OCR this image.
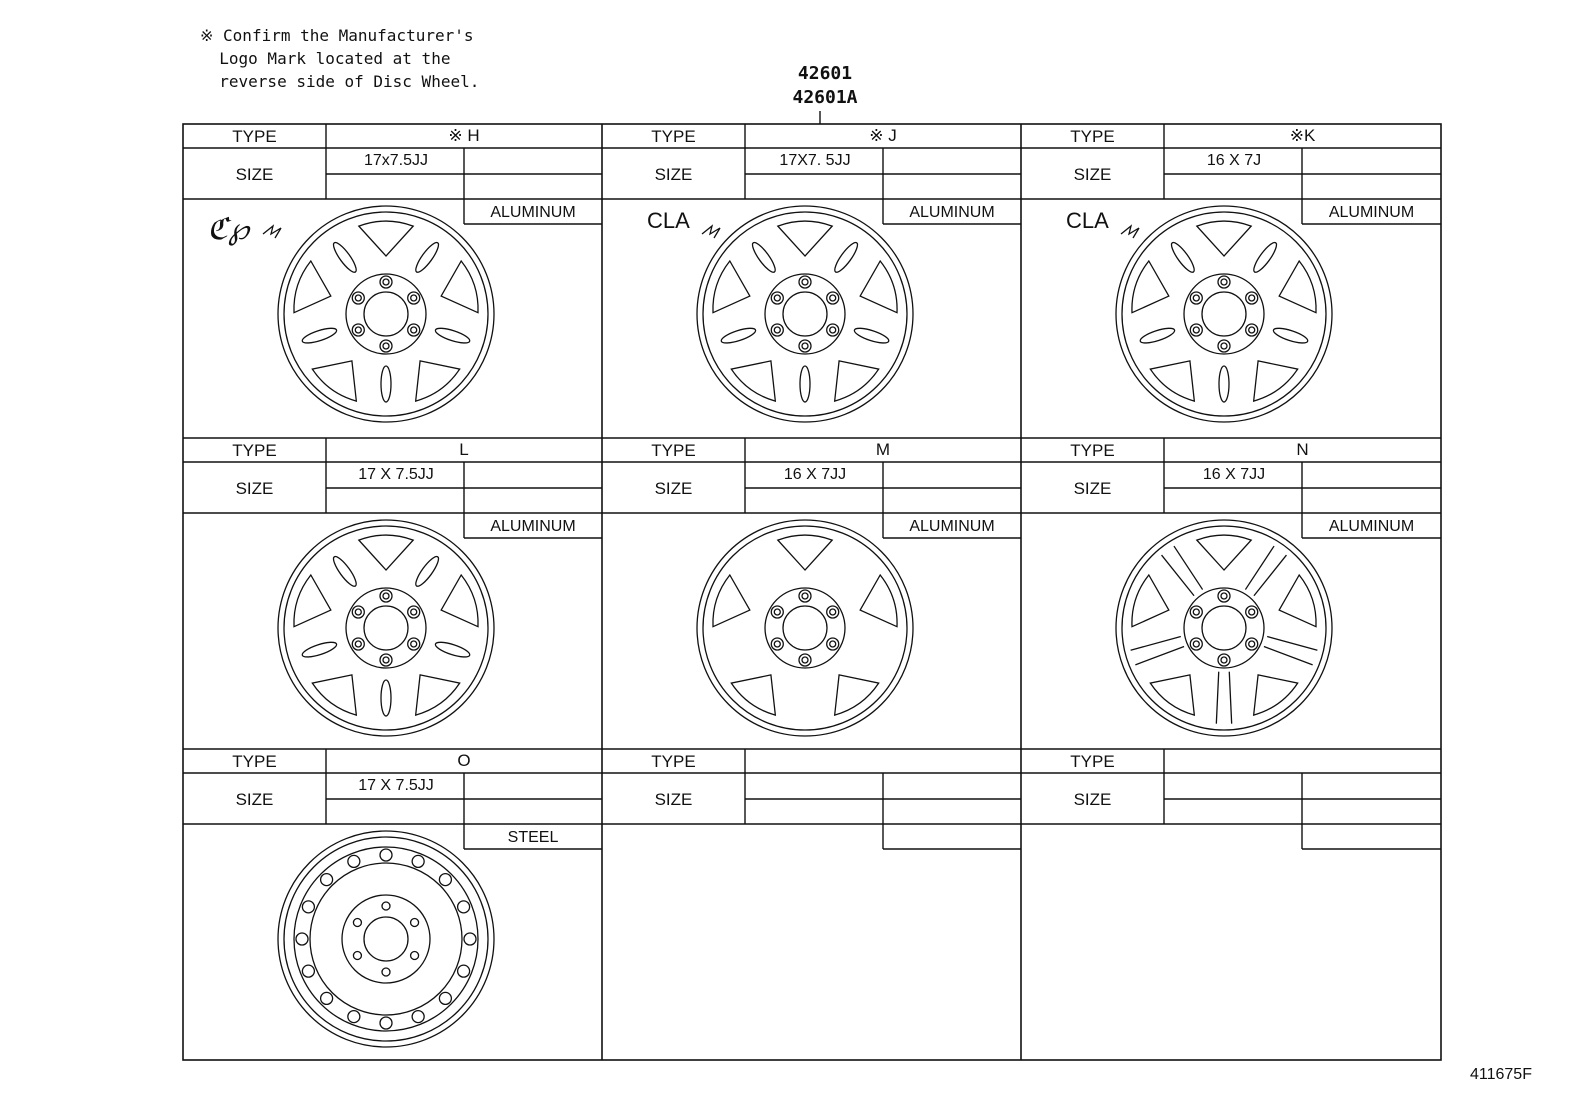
※ Confirm the Manufacturer's
Logo Mark located at the
reverse side of Disc Wheel.	42601
42601A
411675F
TYPE
SIZE
※ H
17x7.5JJ
ALUMINUM
ℭ℘
TYPE
SIZE
※ J
17X7. 5JJ
ALUMINUM
CLA
TYPE
SIZE
※K
16 X 7J
ALUMINUM
CLA
TYPE
SIZE
L
17 X 7.5JJ
ALUMINUM
TYPE
SIZE
M
16 X 7JJ
ALUMINUM
TYPE
SIZE
N
16 X 7JJ
ALUMINUM
TYPE
SIZE
O
17 X 7.5JJ
STEEL
TYPE
SIZE
TYPE
SIZE
